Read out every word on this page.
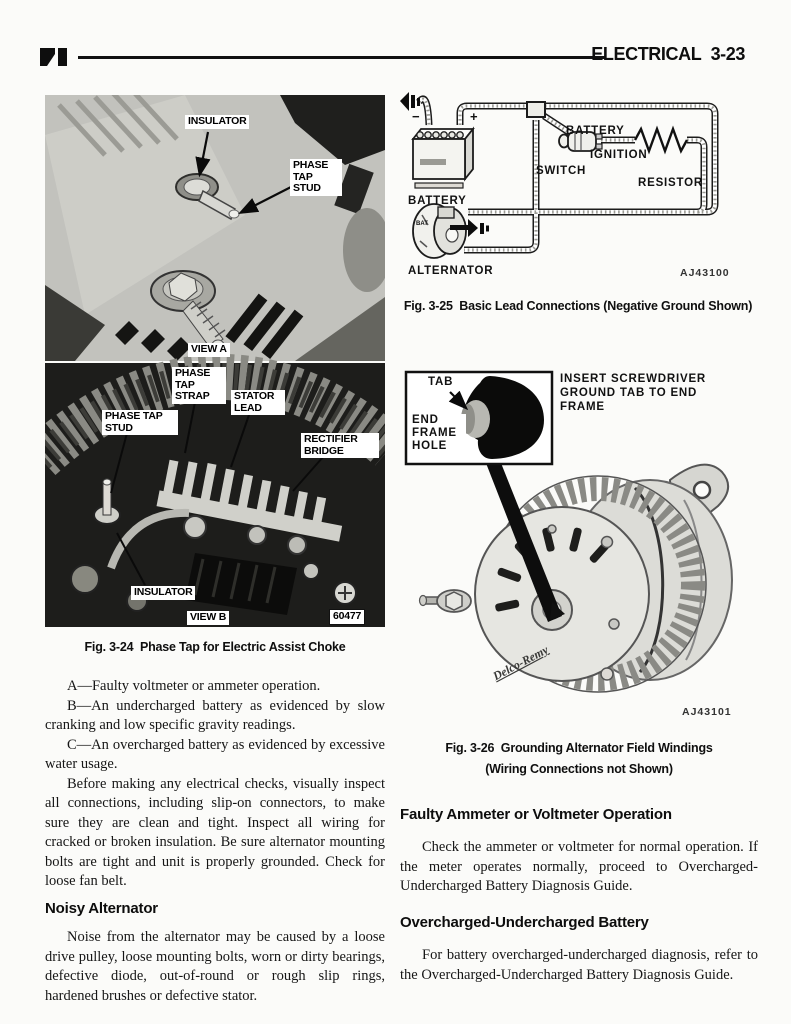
ELECTRICAL 3-23
INSULATOR
PHASE TAP STUD
VIEW A
PHASE TAP STRAP	STATOR LEAD
PHASE TAP STUD
RECTIFIER BRIDGE
INSULATOR
VIEW B	60477
Fig. 3-24  Phase Tap for Electric Assist Choke

A—Faulty voltmeter or ammeter operation.

B—An undercharged battery as evidenced by slow cranking and low specific gravity readings.

C—An overcharged battery as evidenced by excessive water usage.

Before making any electrical checks, visually inspect all connections, including slip-on connectors, to make sure they are clean and tight. Inspect all wiring for cracked or broken insulation. Be sure alternator mounting bolts are tight and unit is properly grounded. Check for loose fan belt.

Noisy Alternator

Noise from the alternator may be caused by a loose drive pulley, loose mounting bolts, worn or dirty bearings, defective diode, out-of-round or rough slip rings, hardened brushes or defective stator.

BAT
BATTERY
−	+
BATTERY
SWITCH
IGNITION
RESISTOR
ALTERNATOR	AJ43100
Fig. 3-25  Basic Lead Connections (Negative Ground Shown)
Delco-Remy
TAB
END FRAME HOLE
INSERT SCREWDRIVER GROUND TAB TO END FRAME
AJ43101
Fig. 3-26  Grounding Alternator Field Windings
(Wiring Connections not Shown)
Faulty Ammeter or Voltmeter Operation

Check the ammeter or voltmeter for normal operation. If the meter operates normally, proceed to Overcharged-Undercharged Battery Diagnosis Guide.

Overcharged-Undercharged Battery

For battery overcharged-undercharged diagnosis, refer to the Overcharged-Undercharged Battery Diagnosis Guide.
